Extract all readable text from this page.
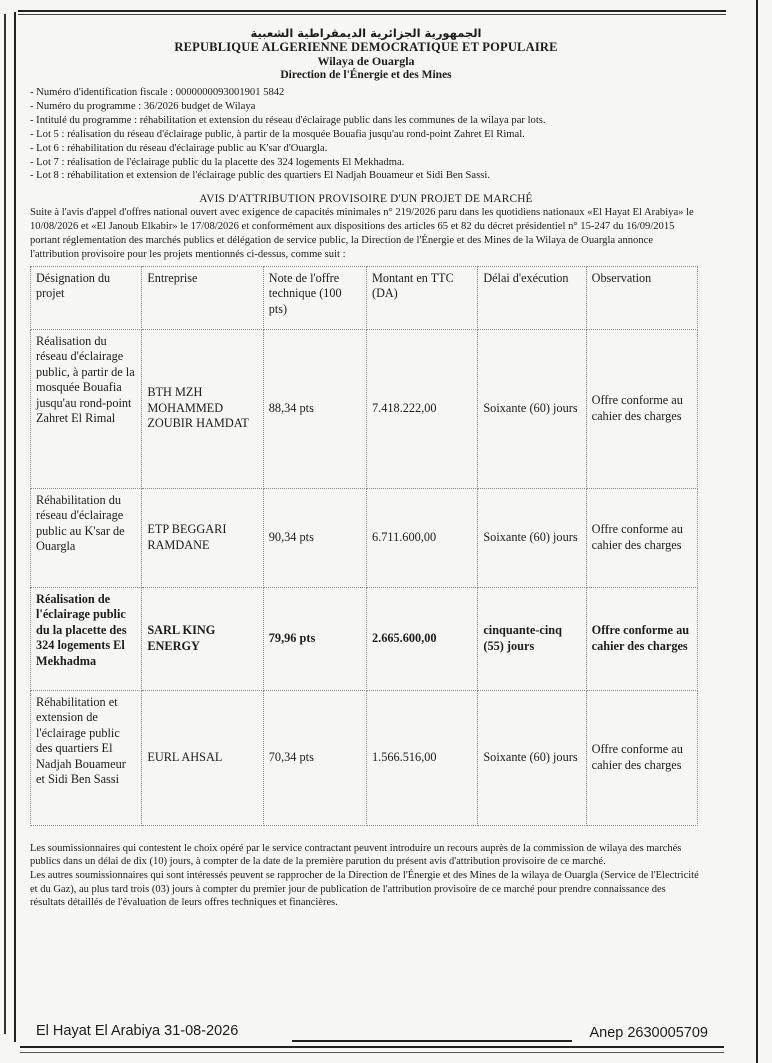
الجمهورية الجزائرية الديمقراطية الشعبية
REPUBLIQUE ALGERIENNE DEMOCRATIQUE ET POPULAIRE
Wilaya de Ouargla
Direction de l'Énergie et des Mines
- Numéro d'identification fiscale : 0000000093001901 5842
- Numéro du programme : 36/2026 budget de Wilaya
- Intitulé du programme : réhabilitation et extension du réseau d'éclairage public dans les communes de la wilaya par lots.
- Lot 5 : réalisation du réseau d'éclairage public, à partir de la mosquée Bouafia jusqu'au rond-point Zahret El Rimal.
- Lot 6 : réhabilitation du réseau d'éclairage public au K'sar d'Ouargla.
- Lot 7 : réalisation de l'éclairage public du la placette des 324 logements El Mekhadma.
- Lot 8 : réhabilitation et extension de l'éclairage public des quartiers El Nadjah Bouameur et Sidi Ben Sassi.
AVIS D'ATTRIBUTION PROVISOIRE D'UN PROJET DE MARCHÉ
Suite à l'avis d'appel d'offres national ouvert avec exigence de capacités minimales n° 219/2026 paru dans les quotidiens nationaux «El Hayat El Arabiya» le 10/08/2026 et «El Janoub Elkabir» le 17/08/2026 et conformément aux dispositions des articles 65 et 82 du décret présidentiel n° 15-247 du 16/09/2015 portant réglementation des marchés publics et délégation de service public, la Direction de l'Énergie et des Mines de la Wilaya de Ouargla annonce l'attribution provisoire pour les projets mentionnés ci-dessus, comme suit :
Désignation du projet	Entreprise	Note de l'offre technique (100 pts)	Montant en TTC (DA)	Délai d'exécution	Observation
Réalisation du réseau d'éclairage public, à partir de la mosquée Bouafia jusqu'au rond-point Zahret El Rimal	BTH MZH MOHAMMED ZOUBIR HAMDAT	88,34 pts	7.418.222,00	Soixante (60) jours	Offre conforme au cahier des charges
Réhabilitation du réseau d'éclairage public au K'sar de Ouargla	ETP BEGGARI RAMDANE	90,34 pts	6.711.600,00	Soixante (60) jours	Offre conforme au cahier des charges
Réalisation de l'éclairage public du la placette des 324 logements El Mekhadma	SARL KING ENERGY	79,96 pts	2.665.600,00	cinquante-cinq (55) jours	Offre conforme au cahier des charges
Réhabilitation et extension de l'éclairage public des quartiers El Nadjah Bouameur et Sidi Ben Sassi	EURL AHSAL	70,34 pts	1.566.516,00	Soixante (60) jours	Offre conforme au cahier des charges
Les soumissionnaires qui contestent le choix opéré par le service contractant peuvent introduire un recours auprès de la commission de wilaya des marchés publics dans un délai de dix (10) jours, à compter de la date de la première parution du présent avis d'attribution provisoire de ce marché.
Les autres soumissionnaires qui sont intéressés peuvent se rapprocher de la Direction de l'Énergie et des Mines de la wilaya de Ouargla (Service de l'Electricité et du Gaz), au plus tard trois (03) jours à compter du premier jour de publication de l'attribution provisoire de ce marché pour prendre connaissance des résultats détaillés de l'évaluation de leurs offres techniques et financières.
El Hayat El Arabiya 31-08-2026	Anep 2630005709
